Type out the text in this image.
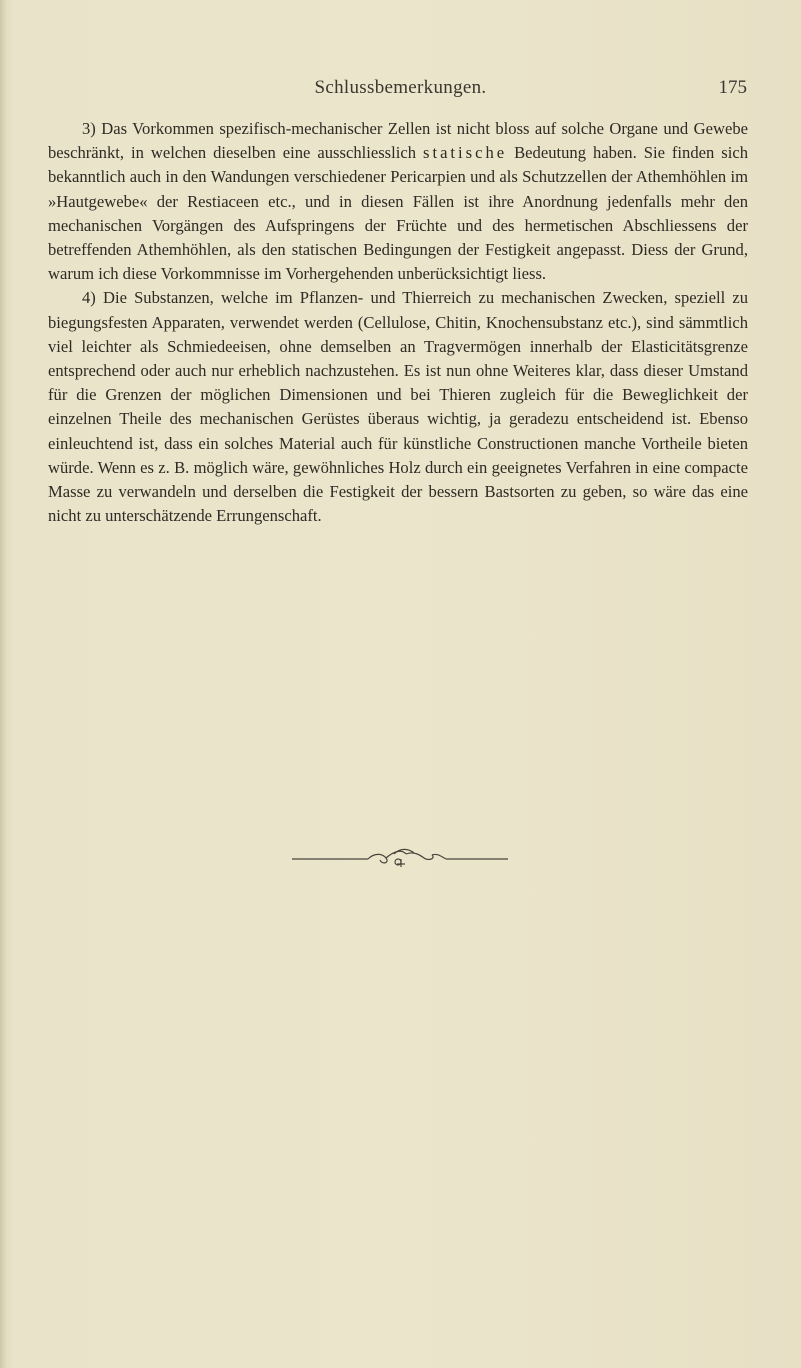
Schlussbemerkungen.	175

3) Das Vorkommen spezifisch-mechanischer Zellen ist nicht bloss auf solche Organe und Gewebe beschränkt, in welchen dieselben eine ausschliesslich statische Bedeutung haben. Sie finden sich bekanntlich auch in den Wandungen verschiedener Pericarpien und als Schutzzellen der Athemhöhlen im »Hautgewebe« der Restiaceen etc., und in diesen Fällen ist ihre Anordnung jedenfalls mehr den mechanischen Vorgängen des Aufspringens der Früchte und des hermetischen Abschliessens der betreffenden Athemhöhlen, als den statischen Bedingungen der Festigkeit angepasst. Diess der Grund, warum ich diese Vorkommnisse im Vorhergehenden unberücksichtigt liess.

4) Die Substanzen, welche im Pflanzen- und Thierreich zu mechanischen Zwecken, speziell zu biegungsfesten Apparaten, verwendet werden (Cellulose, Chitin, Knochensubstanz etc.), sind sämmtlich viel leichter als Schmiedeeisen, ohne demselben an Tragvermögen innerhalb der Elasticitätsgrenze entsprechend oder auch nur erheblich nachzustehen. Es ist nun ohne Weiteres klar, dass dieser Umstand für die Grenzen der möglichen Dimensionen und bei Thieren zugleich für die Beweglichkeit der einzelnen Theile des mechanischen Gerüstes überaus wichtig, ja geradezu entscheidend ist. Ebenso einleuchtend ist, dass ein solches Material auch für künstliche Constructionen manche Vortheile bieten würde. Wenn es z. B. möglich wäre, gewöhnliches Holz durch ein geeignetes Verfahren in eine compacte Masse zu verwandeln und derselben die Festigkeit der bessern Bastsorten zu geben, so wäre das eine nicht zu unterschätzende Errungenschaft.
